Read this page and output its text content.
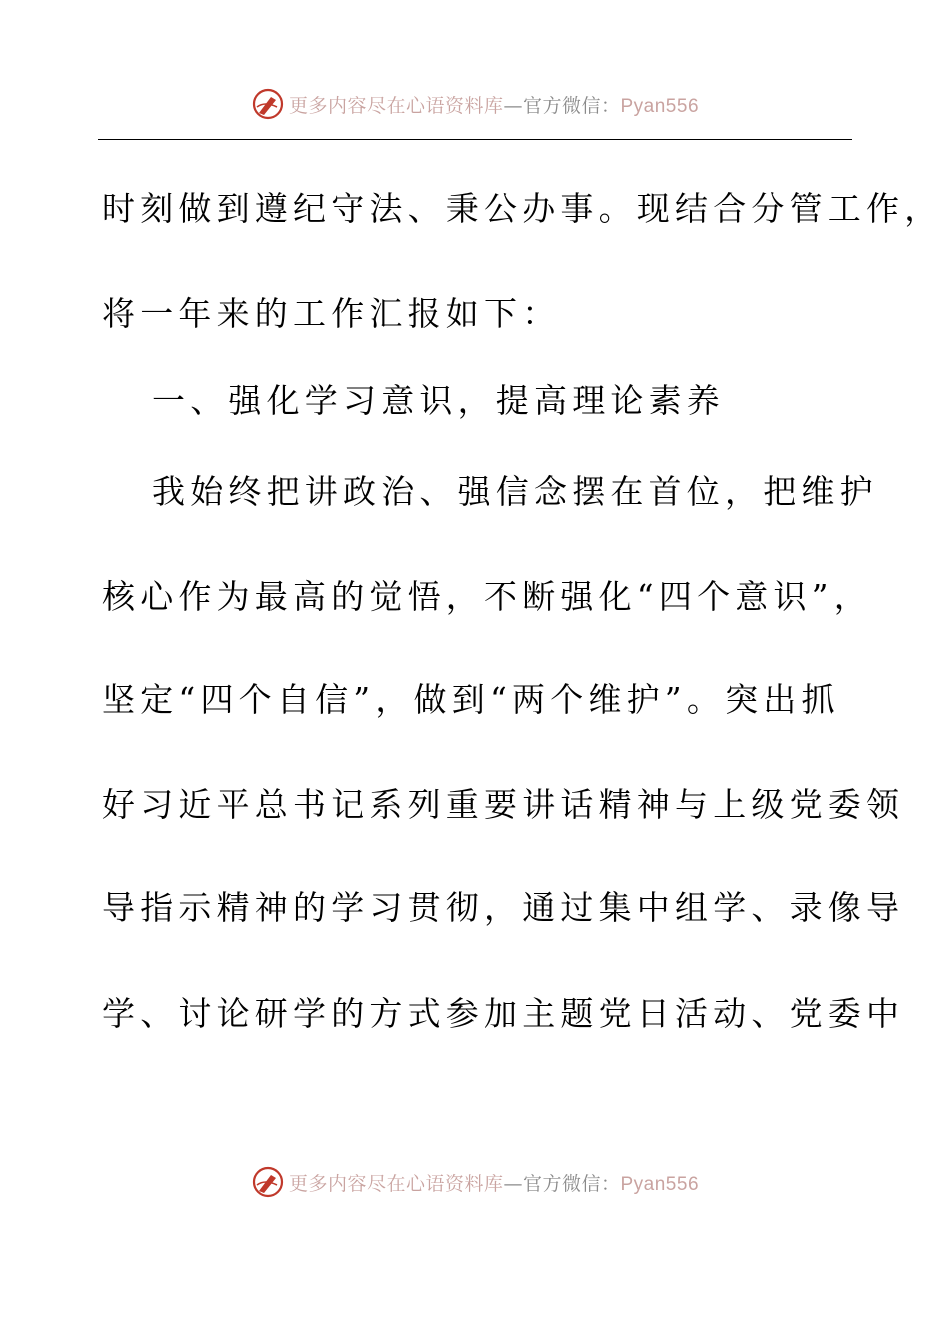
更多内容尽在心语资料库—官方微信：Pyan556
时刻做到遵纪守法、秉公办事。现结合分管工作，
将一年来的工作汇报如下：
一、强化学习意识，提高理论素养
我始终把讲政治、强信念摆在首位，把维护
核心作为最高的觉悟，不断强化“四个意识”，
坚定“四个自信”，做到“两个维护”。突出抓
好习近平总书记系列重要讲话精神与上级党委领
导指示精神的学习贯彻，通过集中组学、录像导
学、讨论研学的方式参加主题党日活动、党委中
更多内容尽在心语资料库—官方微信：Pyan556
